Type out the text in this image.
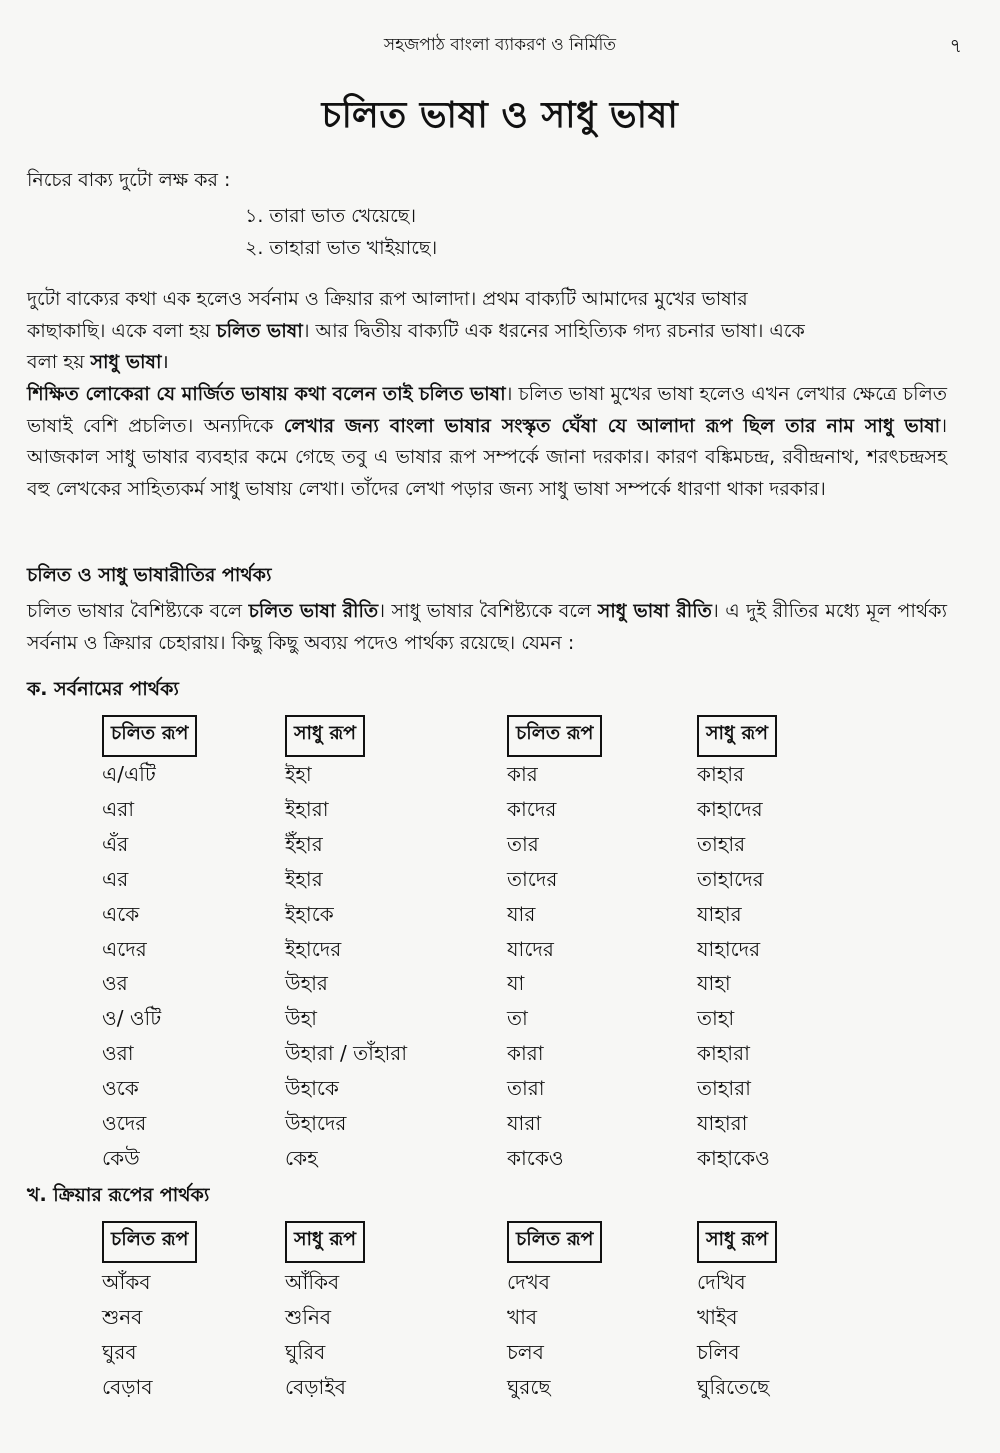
সহজপাঠ বাংলা ব্যাকরণ ও নির্মিতি	৭
চলিত ভাষা ও সাধু ভাষা
নিচের বাক্য দুটো লক্ষ কর :
১. তারা ভাত খেয়েছে।
২. তাহারা ভাত খাইয়াছে।
দুটো বাক্যের কথা এক হলেও সর্বনাম ও ক্রিয়ার রূপ আলাদা। প্রথম বাক্যটি আমাদের মুখের ভাষার
কাছাকাছি। একে বলা হয় চলিত ভাষা। আর দ্বিতীয় বাক্যটি এক ধরনের সাহিত্যিক গদ্য রচনার ভাষা। একে
বলা হয় সাধু ভাষা।
শিক্ষিত লোকেরা যে মার্জিত ভাষায় কথা বলেন তাই চলিত ভাষা। চলিত ভাষা মুখের ভাষা হলেও এখন লেখার ক্ষেত্রে চলিত ভাষাই বেশি প্রচলিত। অন্যদিকে লেখার জন্য বাংলা ভাষার সংস্কৃত ঘেঁষা যে আলাদা রূপ ছিল তার নাম সাধু ভাষা। আজকাল সাধু ভাষার ব্যবহার কমে গেছে তবু এ ভাষার রূপ সম্পর্কে জানা দরকার। কারণ বঙ্কিমচন্দ্র, রবীন্দ্রনাথ, শরৎচন্দ্রসহ বহু লেখকের সাহিত্যকর্ম সাধু ভাষায় লেখা। তাঁদের লেখা পড়ার জন্য সাধু ভাষা সম্পর্কে ধারণা থাকা দরকার।
চলিত ও সাধু ভাষারীতির পার্থক্য
চলিত ভাষার বৈশিষ্ট্যকে বলে চলিত ভাষা রীতি। সাধু ভাষার বৈশিষ্ট্যকে বলে সাধু ভাষা রীতি। এ দুই রীতির মধ্যে মূল পার্থক্য সর্বনাম ও ক্রিয়ার চেহারায়। কিছু কিছু অব্যয় পদেও পার্থক্য রয়েছে। যেমন :
ক. সর্বনামের পার্থক্য
চলিত রূপ	সাধু রূপ	চলিত রূপ	সাধু রূপ
এ/এটি	ইহা	কার	কাহার
এরা	ইহারা	কাদের	কাহাদের
এঁর	ইঁহার	তার	তাহার
এর	ইহার	তাদের	তাহাদের
একে	ইহাকে	যার	যাহার
এদের	ইহাদের	যাদের	যাহাদের
ওর	উহার	যা	যাহা
ও/ ওটি	উহা	তা	তাহা
ওরা	উহারা / তাঁহারা	কারা	কাহারা
ওকে	উহাকে	তারা	তাহারা
ওদের	উহাদের	যারা	যাহারা
কেউ	কেহ	কাকেও	কাহাকেও
খ. ক্রিয়ার রূপের পার্থক্য
চলিত রূপ	সাধু রূপ	চলিত রূপ	সাধু রূপ
আঁকব	আঁকিব	দেখব	দেখিব
শুনব	শুনিব	খাব	খাইব
ঘুরব	ঘুরিব	চলব	চলিব
বেড়াব	বেড়াইব	ঘুরছে	ঘুরিতেছে
